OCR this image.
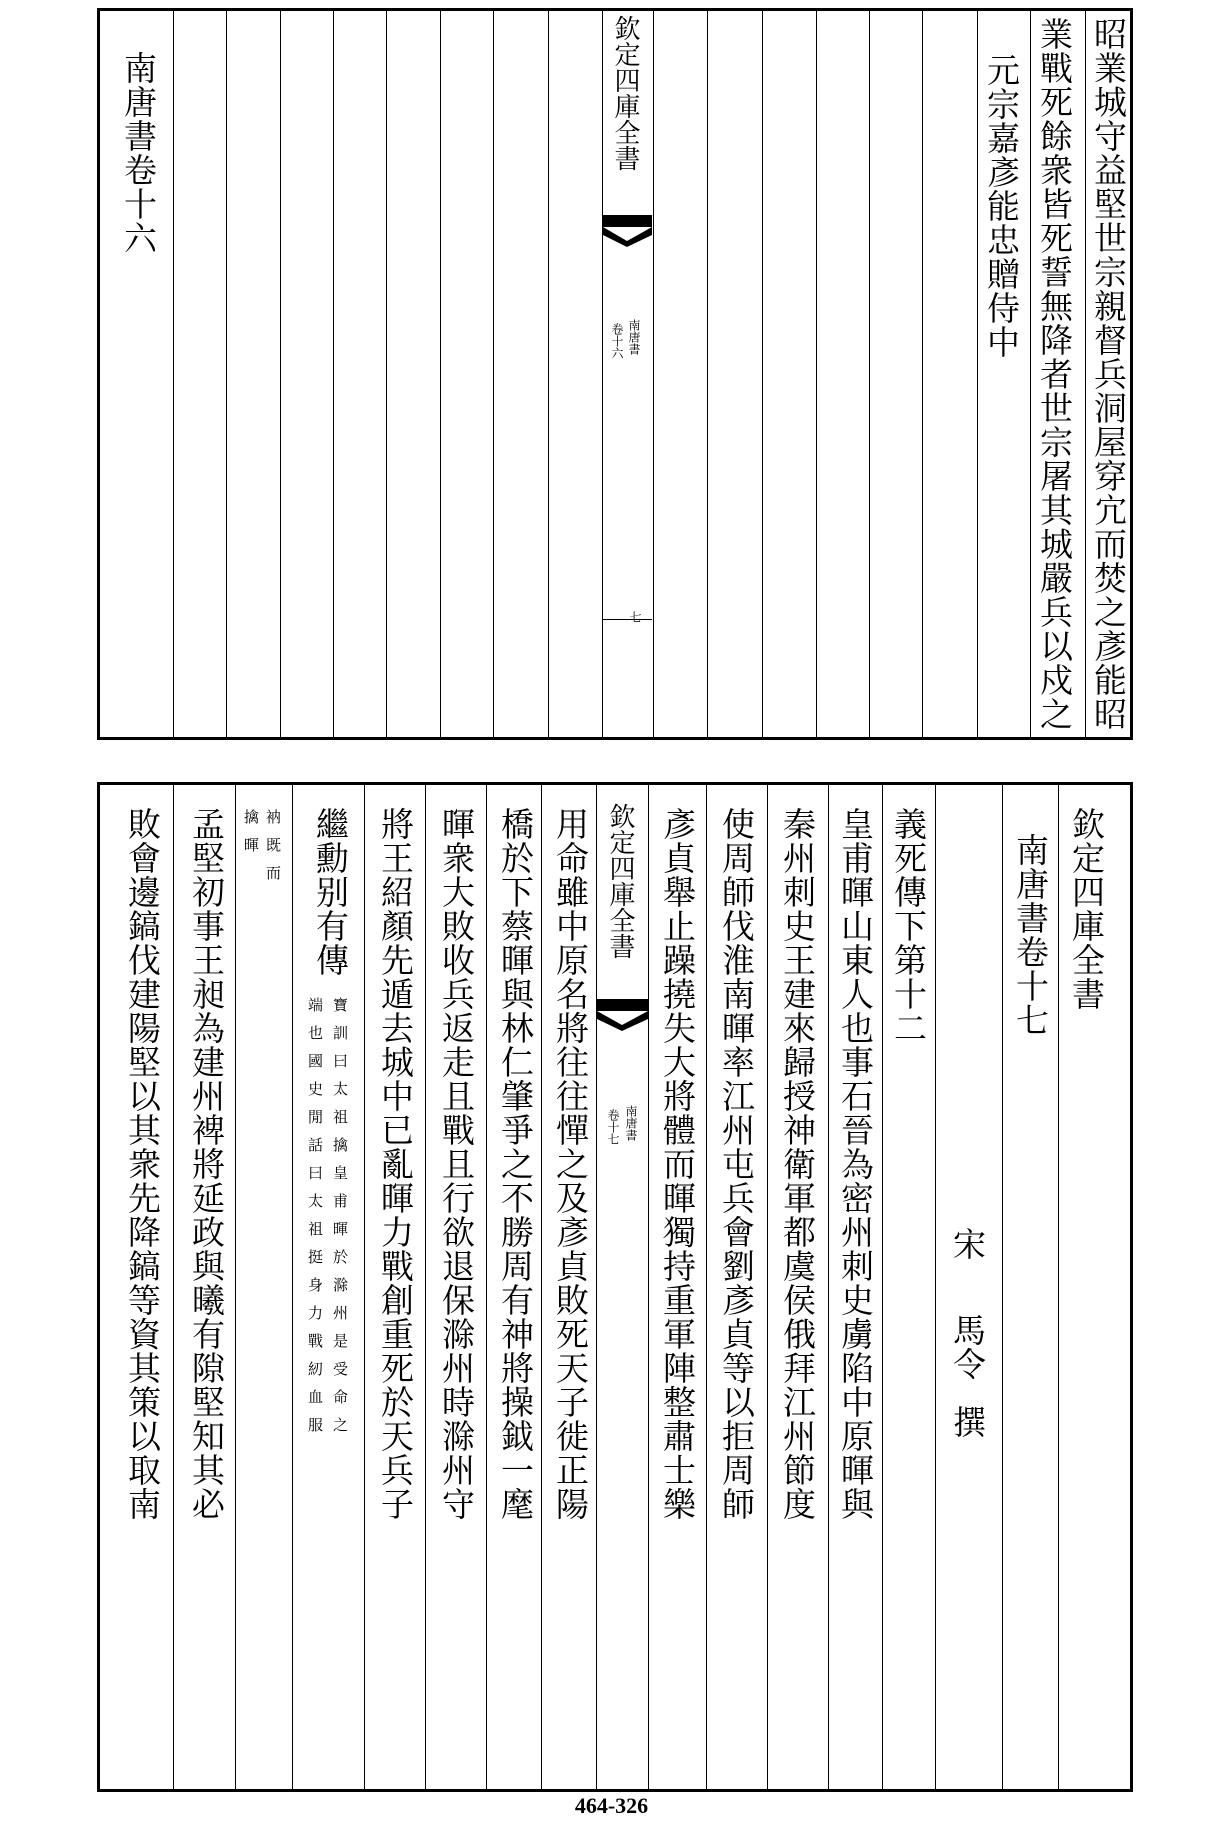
昭業城守益堅世宗親督兵洞屋穿宂而焚之彥能昭
業戰死餘衆皆死誓無降者世宗屠其城嚴兵以戍之
元宗嘉彥能忠贈侍中
欽定四庫全書
南唐書
卷十六
七
南唐書卷十六
欽定四庫全書
南唐書卷十七
宋
馬令
撰
義死傳下第十二
皇甫暉山東人也事石晉為密州刺史虜陷中原暉與
秦州刺史王建來歸授神衛軍都虞侯俄拜江州節度
使周師伐淮南暉率江州屯兵會劉彥貞等以拒周師
彥貞舉止躁撓失大將體而暉獨持重軍陣整肅士樂
欽定四庫全書
南唐書
卷十七
用命雖中原名將往往憚之及彥貞敗死天子徙正陽
橋於下蔡暉與林仁肇爭之不勝周有神將操鉞一麾
暉衆大敗收兵返走且戰且行欲退保滁州時滁州守
將王紹顏先遁去城中已亂暉力戰創重死於天兵子
繼勳别有傳
寶訓曰太祖擒皇甫暉於滁州是受命之
端也國史閒話曰太祖挺身力戰紉血服
衲既而
擒暉
孟堅初事王昶為建州裨將延政與曦有隙堅知其必
敗會邊鎬伐建陽堅以其衆先降鎬等資其策以取南
464-326
